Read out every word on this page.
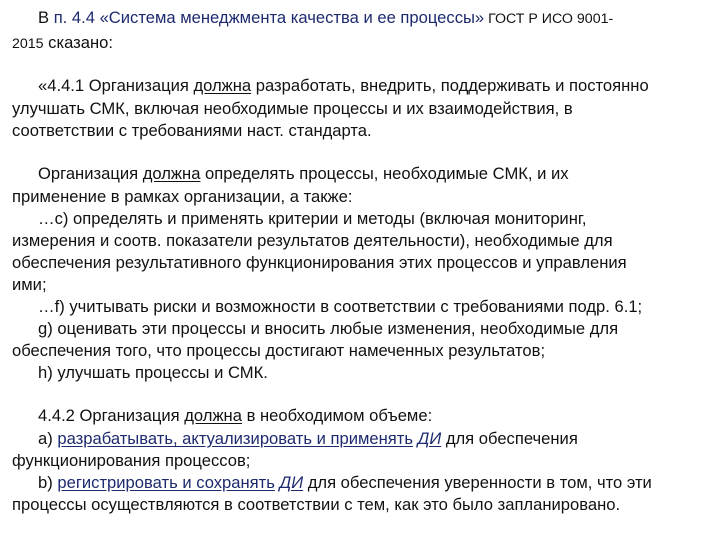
В п. 4.4 «Система менеджмента качества и ее процессы» ГОСТ Р ИСО 9001-
2015 сказано:
«4.4.1 Организация должна разработать, внедрить, поддерживать и постоянно
улучшать СМК, включая необходимые процессы и их взаимодействия, в
соответствии с требованиями наст. стандарта.
Организация должна определять процессы, необходимые СМК, и их
применение в рамках организации, а также:
…с) определять и применять критерии и методы (включая мониторинг,
измерения и соотв. показатели результатов деятельности), необходимые для
обеспечения результативного функционирования этих процессов и управления
ими;
…f) учитывать риски и возможности в соответствии с требованиями подр. 6.1;
g) оценивать эти процессы и вносить любые изменения, необходимые для
обеспечения того, что процессы достигают намеченных результатов;
h) улучшать процессы и СМК.
4.4.2 Организация должна в необходимом объеме:
а) разрабатывать, актуализировать и применять ДИ для обеспечения
функционирования процессов;
b) регистрировать и сохранять ДИ для обеспечения уверенности в том, что эти
процессы осуществляются в соответствии с тем, как это было запланировано.
